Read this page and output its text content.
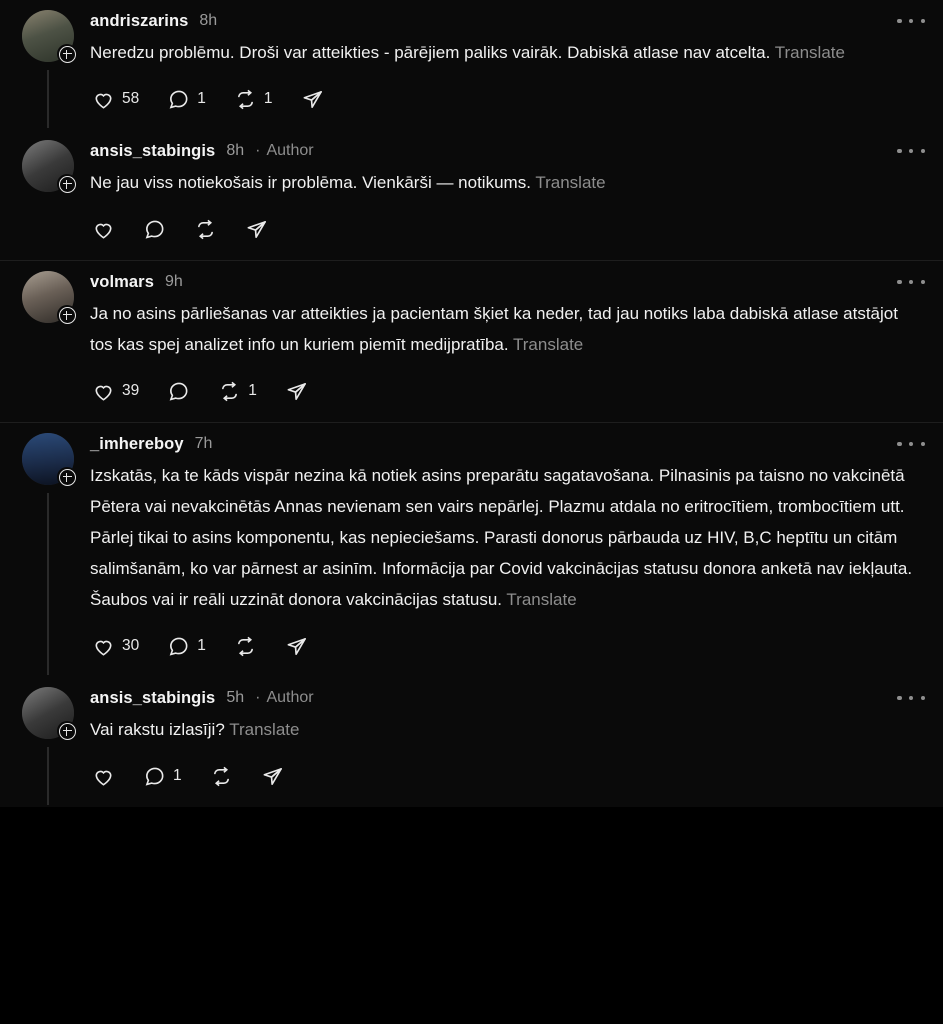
andriszarins 8h
Neredzu problēmu. Droši var atteikties - pārējiem paliks vairāk. Dabiskā atlase nav atcelta. Translate
58	1	1
ansis_stabingis 8h · Author
Ne jau viss notiekošais ir problēma. Vienkārši — notikums. Translate
volmars 9h
Ja no asins pārliešanas var atteikties ja pacientam šķiet ka neder, tad jau notiks laba dabiskā atlase atstājot tos kas spej analizet info un kuriem piemīt medijpratība. Translate
39	1
_imhereboy 7h
Izskatās, ka te kāds vispār nezina kā notiek asins preparātu sagatavošana. Pilnasinis pa taisno no vakcinētā Pētera vai nevakcinētās Annas nevienam sen vairs nepārlej. Plazmu atdala no eritrocītiem, trombocītiem utt. Pārlej tikai to asins komponentu, kas nepieciešams. Parasti donorus pārbauda uz HIV, B,C heptītu un citām salimšanām, ko var pārnest ar asinīm. Informācija par Covid vakcinācijas statusu donora anketā nav iekļauta. Šaubos vai ir reāli uzzināt donora vakcinācijas statusu. Translate
30	1
ansis_stabingis 5h · Author
Vai rakstu izlasīji? Translate
1
